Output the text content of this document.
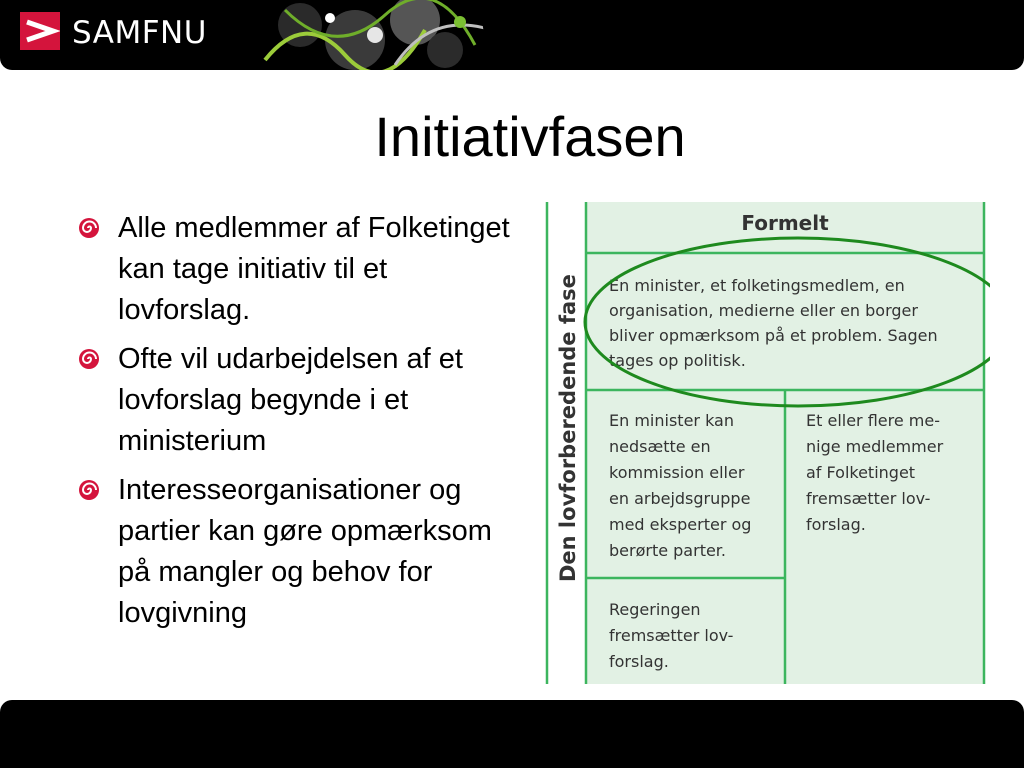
SAMFNU
Initiativfasen
Alle medlemmer af Folketinget kan tage initiativ til et lovforslag.
Ofte vil udarbejdelsen af et lovforslag begynde i et ministerium
Interesseorganisationer og partier kan gøre opmærksom på mangler og behov for lovgivning
Formelt
Den lovforberedende fase En minister, et folketingsmedlem, en
organisation, medierne eller en borger
bliver opmærksom på et problem. Sagen
tages op politisk.
En minister kan
nedsætte en
kommission eller
en arbejdsgruppe
med eksperter og
berørte parter.
Et eller flere me-
nige medlemmer
af Folketinget
fremsætter lov-
forslag.
Regeringen
fremsætter lov-
forslag.
